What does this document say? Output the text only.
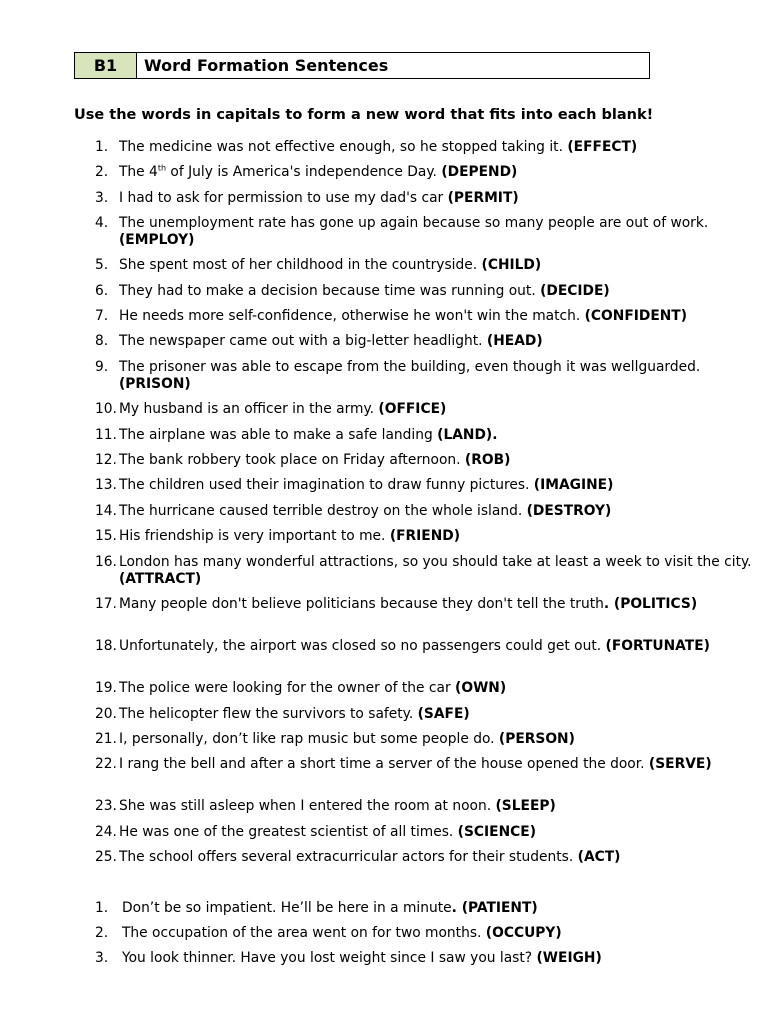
B1	Word Formation Sentences

Use the words in capitals to form a new word that fits into each blank!

1. The medicine was not effective enough, so he stopped taking it. (EFFECT)
2. The 4th of July is America's independence Day. (DEPEND)
3. I had to ask for permission to use my dad's car (PERMIT)
4. The unemployment rate has gone up again because so many people are out of work. (EMPLOY)
5. She spent most of her childhood in the countryside. (CHILD)
6. They had to make a decision because time was running out. (DECIDE)
7. He needs more self-confidence, otherwise he won't win the match. (CONFIDENT)
8. The newspaper came out with a big-letter headlight. (HEAD)
9. The prisoner was able to escape from the building, even though it was wellguarded. (PRISON)
10. My husband is an officer in the army. (OFFICE)
11. The airplane was able to make a safe landing (LAND).
12. The bank robbery took place on Friday afternoon. (ROB)
13. The children used their imagination to draw funny pictures. (IMAGINE)
14. The hurricane caused terrible destroy on the whole island. (DESTROY)
15. His friendship is very important to me. (FRIEND)
16. London has many wonderful attractions, so you should take at least a week to visit the city. (ATTRACT)
17. Many people don't believe politicians because they don't tell the truth. (POLITICS)
18. Unfortunately, the airport was closed so no passengers could get out. (FORTUNATE)
19. The police were looking for the owner of the car (OWN)
20. The helicopter flew the survivors to safety. (SAFE)
21. I, personally, don’t like rap music but some people do. (PERSON)
22. I rang the bell and after a short time a server of the house opened the door. (SERVE)
23. She was still asleep when I entered the room at noon. (SLEEP)
24. He was one of the greatest scientist of all times. (SCIENCE)
25. The school offers several extracurricular actors for their students. (ACT)
1.	Don’t be so impatient. He’ll be here in a minute. (PATIENT)
2.	The occupation of the area went on for two months. (OCCUPY)
3.	You look thinner. Have you lost weight since I saw you last? (WEIGH)
